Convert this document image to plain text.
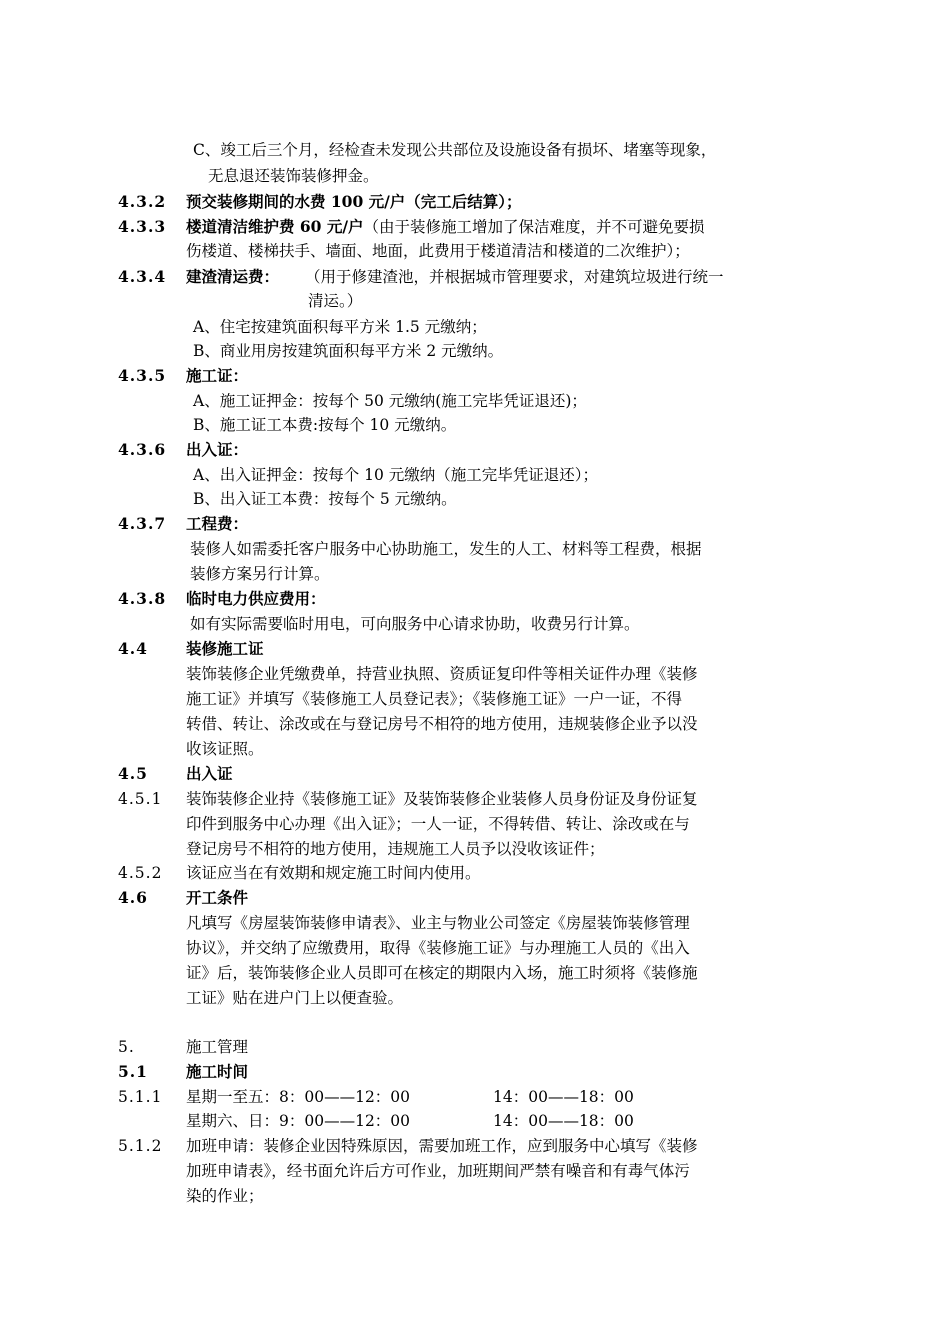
C、竣工后三个月，经检查未发现公共部位及设施设备有损坏、堵塞等现象，
无息退还装饰装修押金。
4.3.2 预交装修期间的水费 100 元/户（完工后结算）；
4.3.3 楼道清洁维护费 60 元/户（由于装修施工增加了保洁难度，并不可避免要损
伤楼道、楼梯扶手、墙面、地面，此费用于楼道清洁和楼道的二次维护）；
4.3.4 建渣清运费： （用于修建渣池，并根据城市管理要求，对建筑垃圾进行统一
清运。）
A、住宅按建筑面积每平方米 1.5 元缴纳；
B、商业用房按建筑面积每平方米 2 元缴纳。
4.3.5 施工证：
A、施工证押金：按每个 50 元缴纳(施工完毕凭证退还)；
B、施工证工本费:按每个 10 元缴纳。
4.3.6 出入证：
A、出入证押金：按每个 10 元缴纳（施工完毕凭证退还）；
B、出入证工本费：按每个 5 元缴纳。
4.3.7 工程费：
装修人如需委托客户服务中心协助施工，发生的人工、材料等工程费，根据
装修方案另行计算。
4.3.8 临时电力供应费用：
如有实际需要临时用电，可向服务中心请求协助，收费另行计算。
4.4 装修施工证
装饰装修企业凭缴费单，持营业执照、资质证复印件等相关证件办理《装修
施工证》并填写《装修施工人员登记表》；《装修施工证》一户一证，不得
转借、转让、涂改或在与登记房号不相符的地方使用，违规装修企业予以没
收该证照。
4.5 出入证
4.5.1 装饰装修企业持《装修施工证》及装饰装修企业装修人员身份证及身份证复
印件到服务中心办理《出入证》；一人一证，不得转借、转让、涂改或在与
登记房号不相符的地方使用，违规施工人员予以没收该证件；
4.5.2 该证应当在有效期和规定施工时间内使用。
4.6 开工条件
凡填写《房屋装饰装修申请表》、业主与物业公司签定《房屋装饰装修管理
协议》，并交纳了应缴费用，取得《装修施工证》与办理施工人员的《出入
证》后，装饰装修企业人员即可在核定的期限内入场，施工时须将《装修施
工证》贴在进户门上以便查验。
5.	施工管理
5.1 施工时间
5.1.1 星期一至五：8：00——12：00	14：00——18：00
星期六、日：9：00——12：00	14：00——18：00
5.1.2 加班申请：装修企业因特殊原因，需要加班工作，应到服务中心填写《装修
加班申请表》，经书面允许后方可作业，加班期间严禁有噪音和有毒气体污
染的作业；
